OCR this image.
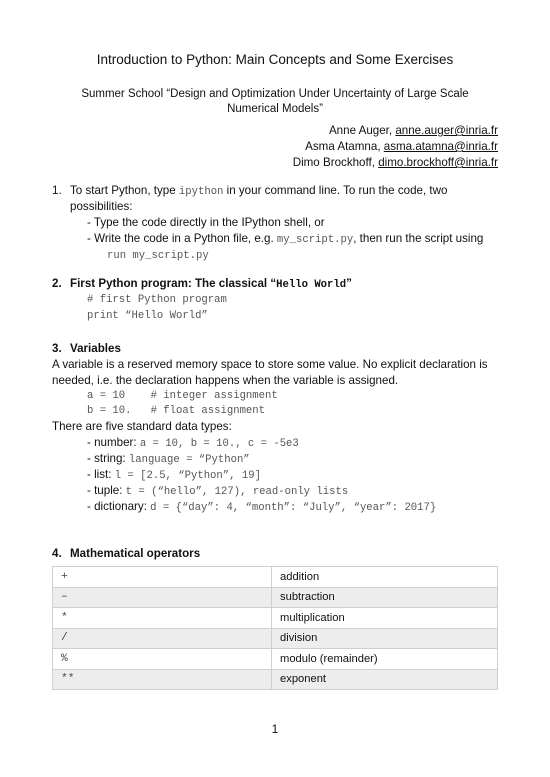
Introduction to Python: Main Concepts and Some Exercises
Summer School “Design and Optimization Under Uncertainty of Large Scale Numerical Models”
Anne Auger, anne.auger@inria.fr
Asma Atamna, asma.atamna@inria.fr
Dimo Brockhoff, dimo.brockhoff@inria.fr
1. To start Python, type ipython in your command line. To run the code, two
possibilities:
- Type the code directly in the IPython shell, or
- Write the code in a Python file, e.g. my_script.py, then run the script using
run my_script.py
2. First Python program: The classical “Hello World”
# first Python program
print “Hello World”
3. Variables
A variable is a reserved memory space to store some value. No explicit declaration is
needed, i.e. the declaration happens when the variable is assigned.
a = 10    # integer assignment
b = 10.   # float assignment
There are five standard data types:
- number: a = 10, b = 10., c = -5e3
- string: language = “Python”
- list: l = [2.5, “Python”, 19]
- tuple: t = (“hello”, 127), read-only lists
- dictionary: d = {“day”: 4, “month”: “July”, “year”: 2017}
4. Mathematical operators
+	addition
–	subtraction
*	multiplication
/	division
%	modulo (remainder)
**	exponent
1
